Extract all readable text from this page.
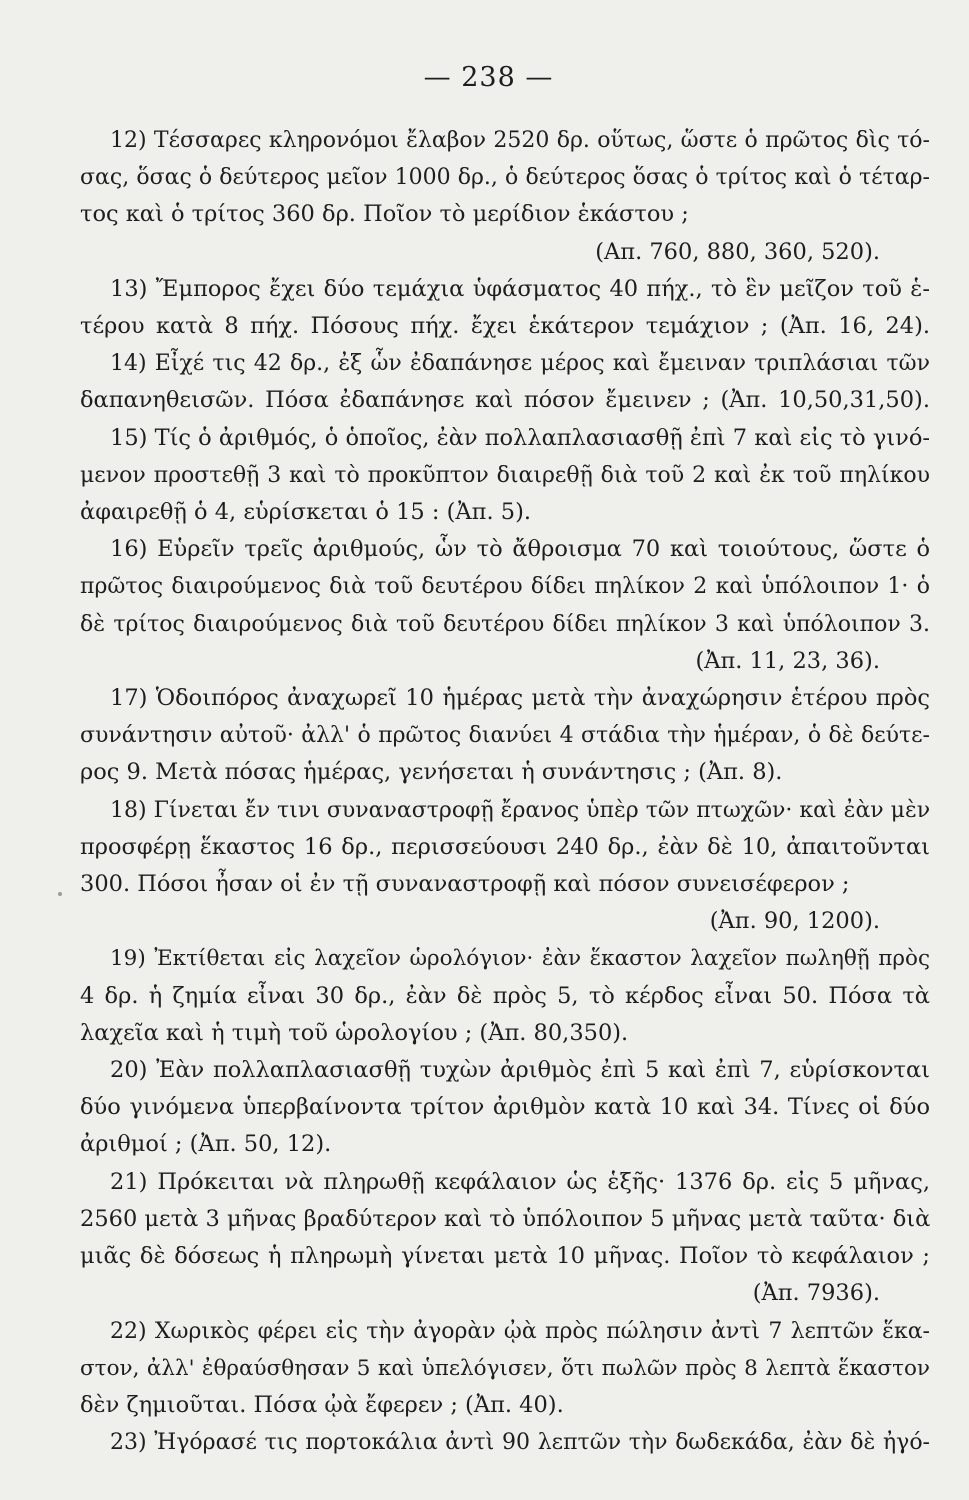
— 238 —

12) Τέσσαρες κληρονόμοι ἔλαβον 2520 δρ. οὕτως, ὥστε ὁ πρῶτος δὶς τό-
σας, ὅσας ὁ δεύτερος μεῖον 1000 δρ., ὁ δεύτερος ὅσας ὁ τρίτος καὶ ὁ τέταρ-
τος καὶ ὁ τρίτος 360 δρ. Ποῖον τὸ μερίδιον ἑκάστου ;
(Απ. 760, 880, 360, 520).

13) Ἔμπορος ἔχει δύο τεμάχια ὑφάσματος 40 πήχ., τὸ ἓν μεῖζον τοῦ ἑ-
τέρου κατὰ 8 πήχ. Πόσους πήχ. ἔχει ἑκάτερον τεμάχιον ; (Ἀπ. 16, 24).

14) Εἶχέ τις 42 δρ., ἐξ ὧν ἐδαπάνησε μέρος καὶ ἔμειναν τριπλάσιαι τῶν
δαπανηθεισῶν. Πόσα ἐδαπάνησε καὶ πόσον ἔμεινεν ; (Ἀπ. 10,50,31,50).

15) Τίς ὁ ἀριθμός, ὁ ὁποῖος, ἐὰν πολλαπλασιασθῇ ἐπὶ 7 καὶ εἰς τὸ γινό-
μενον προστεθῇ 3 καὶ τὸ προκῦπτον διαιρεθῇ διὰ τοῦ 2 καὶ ἐκ τοῦ πηλίκου
ἀφαιρεθῇ ὁ 4, εὑρίσκεται ὁ 15 : (Ἀπ. 5).

16) Εὑρεῖν τρεῖς ἀριθμούς, ὧν τὸ ἄθροισμα 70 καὶ τοιούτους, ὥστε ὁ
πρῶτος διαιρούμενος διὰ τοῦ δευτέρου δίδει πηλίκον 2 καὶ ὑπόλοιπον 1· ὁ
δὲ τρίτος διαιρούμενος διὰ τοῦ δευτέρου δίδει πηλίκον 3 καὶ ὑπόλοιπον 3.
(Ἀπ. 11, 23, 36).

17) Ὁδοιπόρος ἀναχωρεῖ 10 ἡμέρας μετὰ τὴν ἀναχώρησιν ἑτέρου πρὸς
συνάντησιν αὐτοῦ· ἀλλ' ὁ πρῶτος διανύει 4 στάδια τὴν ἡμέραν, ὁ δὲ δεύτε-
ρος 9. Μετὰ πόσας ἡμέρας, γενήσεται ἡ συνάντησις ; (Ἀπ. 8).

18) Γίνεται ἔν τινι συναναστροφῇ ἔρανος ὑπὲρ τῶν πτωχῶν· καὶ ἐὰν μὲν
προσφέρῃ ἕκαστος 16 δρ., περισσεύουσι 240 δρ., ἐὰν δὲ 10, ἀπαιτοῦνται
300. Πόσοι ἦσαν οἱ ἐν τῇ συναναστροφῇ καὶ πόσον συνεισέφερον ;
(Ἀπ. 90, 1200).

19) Ἐκτίθεται εἰς λαχεῖον ὡρολόγιον· ἐὰν ἕκαστον λαχεῖον πωληθῇ πρὸς
4 δρ. ἡ ζημία εἶναι 30 δρ., ἐὰν δὲ πρὸς 5, τὸ κέρδος εἶναι 50. Πόσα τὰ
λαχεῖα καὶ ἡ τιμὴ τοῦ ὡρολογίου ; (Ἀπ. 80,350).

20) Ἐὰν πολλαπλασιασθῇ τυχὼν ἀριθμὸς ἐπὶ 5 καὶ ἐπὶ 7, εὑρίσκονται
δύο γινόμενα ὑπερβαίνοντα τρίτον ἀριθμὸν κατὰ 10 καὶ 34. Τίνες οἱ δύο
ἀριθμοί ; (Ἀπ. 50, 12).

21) Πρόκειται νὰ πληρωθῇ κεφάλαιον ὡς ἑξῆς· 1376 δρ. εἰς 5 μῆνας,
2560 μετὰ 3 μῆνας βραδύτερον καὶ τὸ ὑπόλοιπον 5 μῆνας μετὰ ταῦτα· διὰ
μιᾶς δὲ δόσεως ἡ πληρωμὴ γίνεται μετὰ 10 μῆνας. Ποῖον τὸ κεφάλαιον ;
(Ἀπ. 7936).

22) Χωρικὸς φέρει εἰς τὴν ἀγορὰν ᾠὰ πρὸς πώλησιν ἀντὶ 7 λεπτῶν ἕκα-
στον, ἀλλ' ἐθραύσθησαν 5 καὶ ὑπελόγισεν, ὅτι πωλῶν πρὸς 8 λεπτὰ ἕκαστον
δὲν ζημιοῦται. Πόσα ᾠὰ ἔφερεν ; (Ἀπ. 40).

23) Ἠγόρασέ τις πορτοκάλια ἀντὶ 90 λεπτῶν τὴν δωδεκάδα, ἐὰν δὲ ἠγό-
